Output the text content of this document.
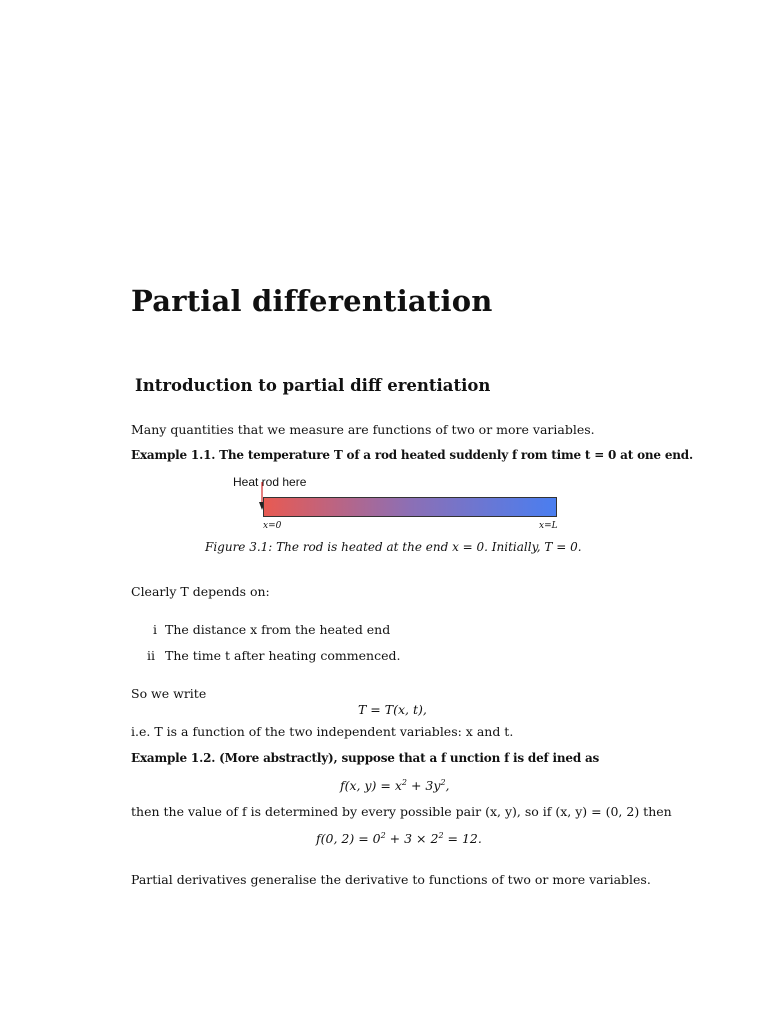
Partial differentiation
Introduction to partial diff erentiation
Many quantities that we measure are functions of two or more variables.
Example 1.1. The temperature T of a rod heated suddenly f rom time t = 0 at one end.
Heat rod here
x=0	x=L
Figure 3.1: The rod is heated at the end x = 0. Initially, T = 0.
Clearly T depends on:
i The distance x from the heated end
ii The time t after heating commenced.
So we write
T = T(x, t),
i.e. T is a function of the two independent variables: x and t.
Example 1.2. (More abstractly), suppose that a f unction f is def ined as
f(x, $y) = x^2 + 3y^2$,
then the value of f is determined by every possible pair (x, y), so if (x, y) = (0, 2) then
f(0, $2) = 0^2 + 3 \times 2^2 = 12$.
Partial derivatives generalise the derivative to functions of two or more variables.
